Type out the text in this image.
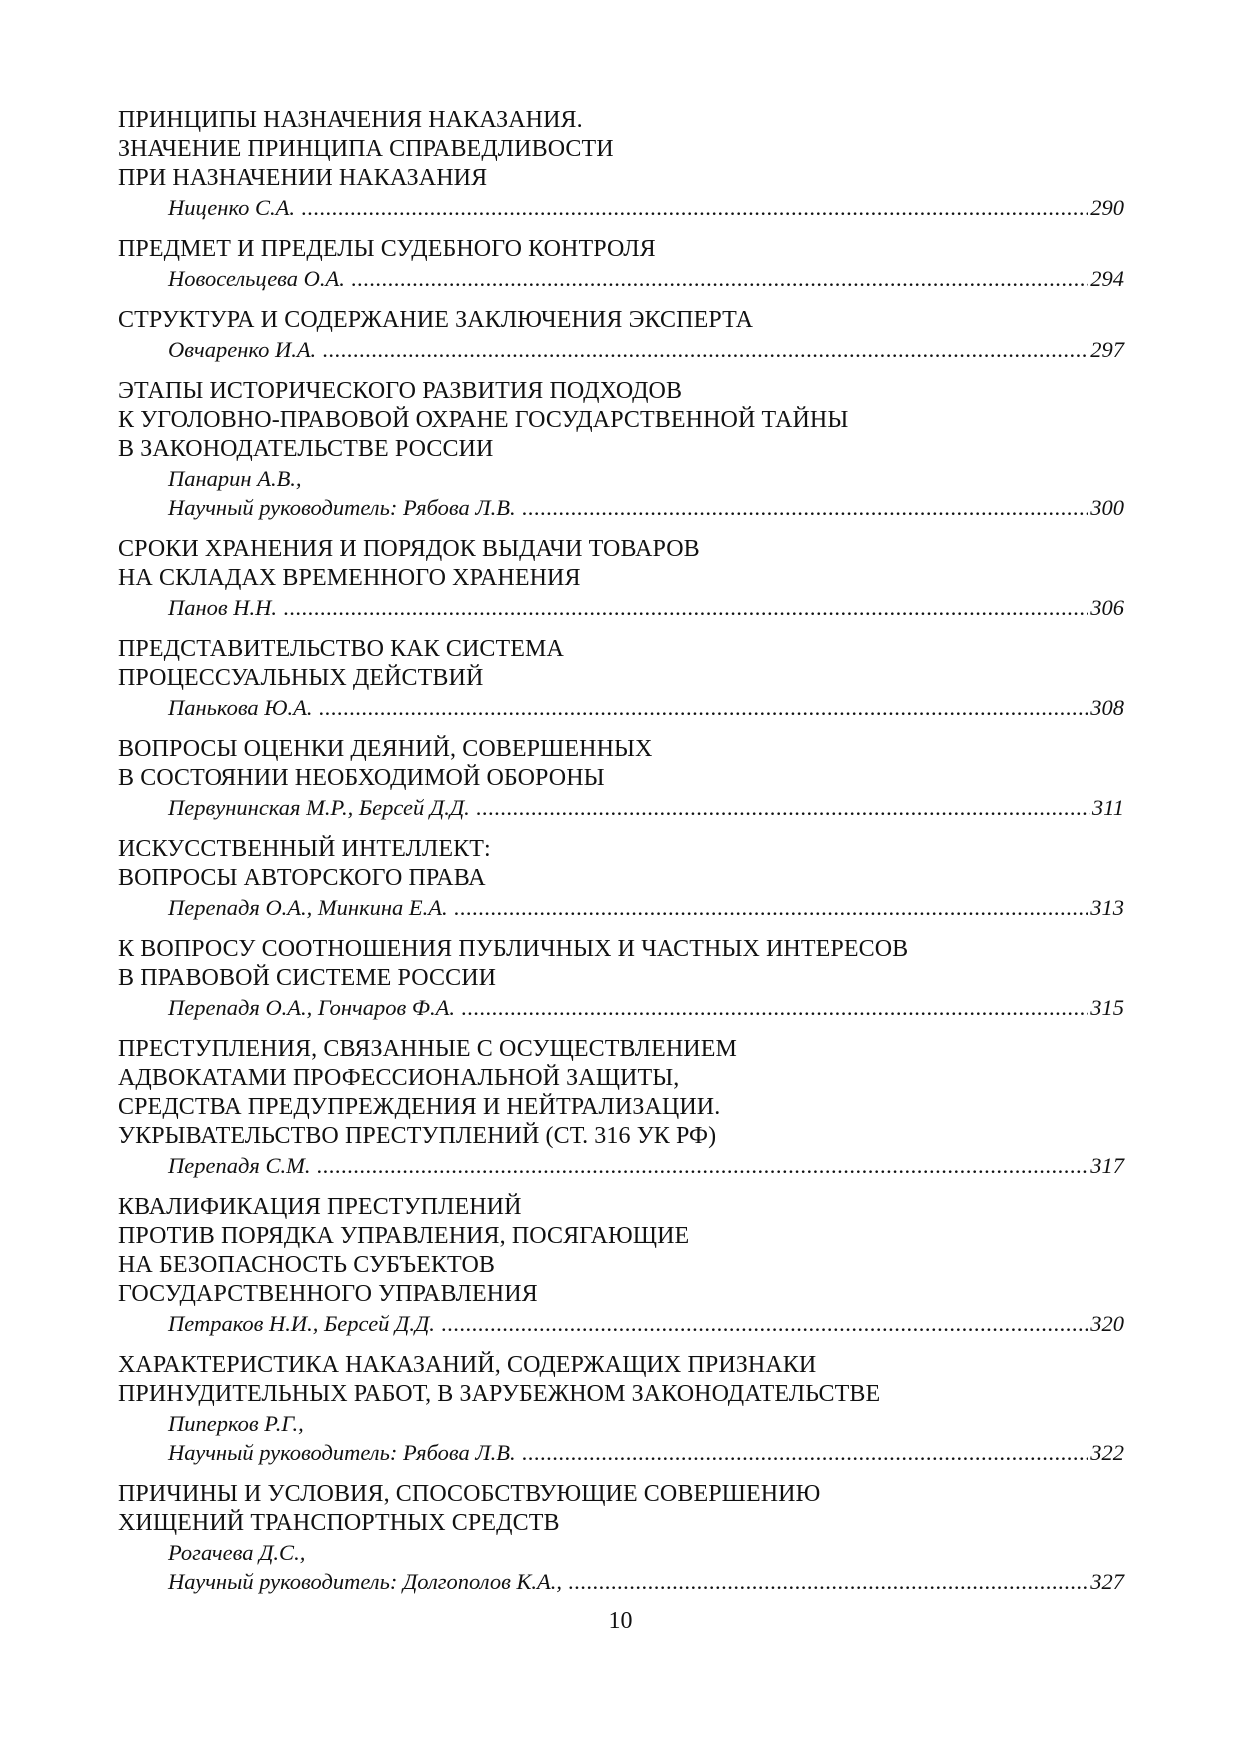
ПРИНЦИПЫ НАЗНАЧЕНИЯ НАКАЗАНИЯ.
ЗНАЧЕНИЕ ПРИНЦИПА СПРАВЕДЛИВОСТИ
ПРИ НАЗНАЧЕНИИ НАКАЗАНИЯ
Ниценко С.А. .....	290
ПРЕДМЕТ И ПРЕДЕЛЫ СУДЕБНОГО КОНТРОЛЯ
Новосельцева О.А. .....	294
СТРУКТУРА И СОДЕРЖАНИЕ ЗАКЛЮЧЕНИЯ ЭКСПЕРТА
Овчаренко И.А. .....	297
ЭТАПЫ ИСТОРИЧЕСКОГО РАЗВИТИЯ ПОДХОДОВ
К УГОЛОВНО-ПРАВОВОЙ ОХРАНЕ ГОСУДАРСТВЕННОЙ ТАЙНЫ
В ЗАКОНОДАТЕЛЬСТВЕ РОССИИ
Панарин А.В.,
Научный руководитель: Рябова Л.В. .....	300
СРОКИ ХРАНЕНИЯ И ПОРЯДОК ВЫДАЧИ ТОВАРОВ
НА СКЛАДАХ ВРЕМЕННОГО ХРАНЕНИЯ
Панов Н.Н. .....	306
ПРЕДСТАВИТЕЛЬСТВО КАК СИСТЕМА
ПРОЦЕССУАЛЬНЫХ ДЕЙСТВИЙ
Панькова Ю.А. .....	308
ВОПРОСЫ ОЦЕНКИ ДЕЯНИЙ, СОВЕРШЕННЫХ
В СОСТОЯНИИ НЕОБХОДИМОЙ ОБОРОНЫ
Первунинская М.Р., Берсей Д.Д. .....	311
ИСКУССТВЕННЫЙ ИНТЕЛЛЕКТ:
ВОПРОСЫ АВТОРСКОГО ПРАВА
Перепадя О.А., Минкина Е.А. .....	313
К ВОПРОСУ СООТНОШЕНИЯ ПУБЛИЧНЫХ И ЧАСТНЫХ ИНТЕРЕСОВ
В ПРАВОВОЙ СИСТЕМЕ РОССИИ
Перепадя О.А., Гончаров Ф.А. .....	315
ПРЕСТУПЛЕНИЯ, СВЯЗАННЫЕ С ОСУЩЕСТВЛЕНИЕМ
АДВОКАТАМИ ПРОФЕССИОНАЛЬНОЙ ЗАЩИТЫ,
СРЕДСТВА ПРЕДУПРЕЖДЕНИЯ И НЕЙТРАЛИЗАЦИИ.
УКРЫВАТЕЛЬСТВО ПРЕСТУПЛЕНИЙ (СТ. 316 УК РФ)
Перепадя С.М. .....	317
КВАЛИФИКАЦИЯ ПРЕСТУПЛЕНИЙ
ПРОТИВ ПОРЯДКА УПРАВЛЕНИЯ, ПОСЯГАЮЩИЕ
НА БЕЗОПАСНОСТЬ СУБЪЕКТОВ
ГОСУДАРСТВЕННОГО УПРАВЛЕНИЯ
Петраков Н.И., Берсей Д.Д. .....	320
ХАРАКТЕРИСТИКА НАКАЗАНИЙ, СОДЕРЖАЩИХ ПРИЗНАКИ
ПРИНУДИТЕЛЬНЫХ РАБОТ, В ЗАРУБЕЖНОМ ЗАКОНОДАТЕЛЬСТВЕ
Пиперков Р.Г.,
Научный руководитель: Рябова Л.В. .....	322
ПРИЧИНЫ И УСЛОВИЯ, СПОСОБСТВУЮЩИЕ СОВЕРШЕНИЮ
ХИЩЕНИЙ ТРАНСПОРТНЫХ СРЕДСТВ
Рогачева Д.С.,
Научный руководитель: Долгополов К.А., .....	327
10
